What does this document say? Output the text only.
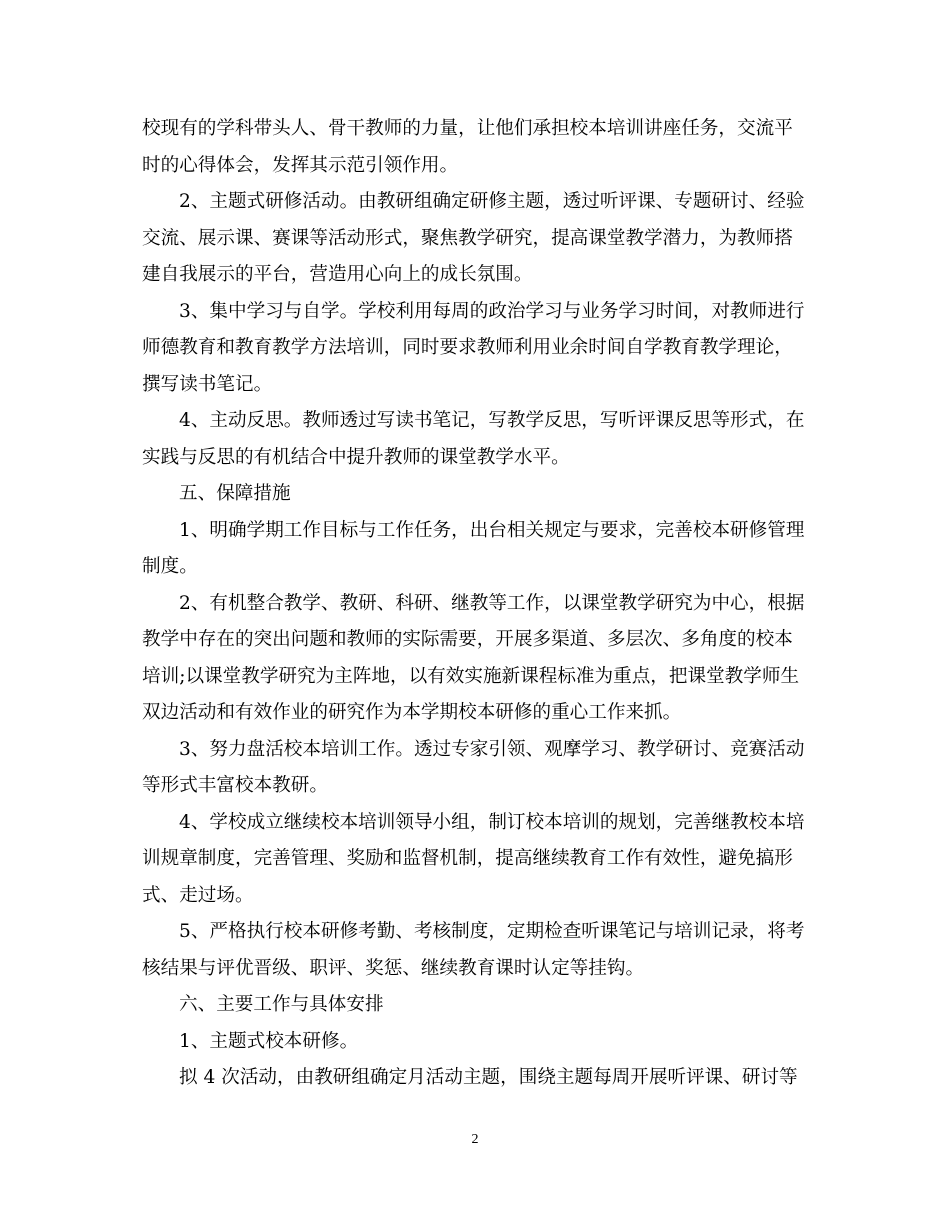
校现有的学科带头人、骨干教师的力量，让他们承担校本培训讲座任务，交流平
时的心得体会，发挥其示范引领作用。

2、主题式研修活动。由教研组确定研修主题，透过听评课、专题研讨、经验
交流、展示课、赛课等活动形式，聚焦教学研究，提高课堂教学潜力，为教师搭
建自我展示的平台，营造用心向上的成长氛围。

3、集中学习与自学。学校利用每周的政治学习与业务学习时间，对教师进行
师德教育和教育教学方法培训，同时要求教师利用业余时间自学教育教学理论，
撰写读书笔记。

4、主动反思。教师透过写读书笔记，写教学反思，写听评课反思等形式，在
实践与反思的有机结合中提升教师的课堂教学水平。

五、保障措施

1、明确学期工作目标与工作任务，出台相关规定与要求，完善校本研修管理
制度。

2、有机整合教学、教研、科研、继教等工作，以课堂教学研究为中心，根据
教学中存在的突出问题和教师的实际需要，开展多渠道、多层次、多角度的校本
培训;以课堂教学研究为主阵地，以有效实施新课程标准为重点，把课堂教学师生
双边活动和有效作业的研究作为本学期校本研修的重心工作来抓。

3、努力盘活校本培训工作。透过专家引领、观摩学习、教学研讨、竞赛活动
等形式丰富校本教研。

4、学校成立继续校本培训领导小组，制订校本培训的规划，完善继教校本培
训规章制度，完善管理、奖励和监督机制，提高继续教育工作有效性，避免搞形
式、走过场。

5、严格执行校本研修考勤、考核制度，定期检查听课笔记与培训记录，将考
核结果与评优晋级、职评、奖惩、继续教育课时认定等挂钩。

六、主要工作与具体安排

1、主题式校本研修。

拟 4 次活动，由教研组确定月活动主题，围绕主题每周开展听评课、研讨等

2
